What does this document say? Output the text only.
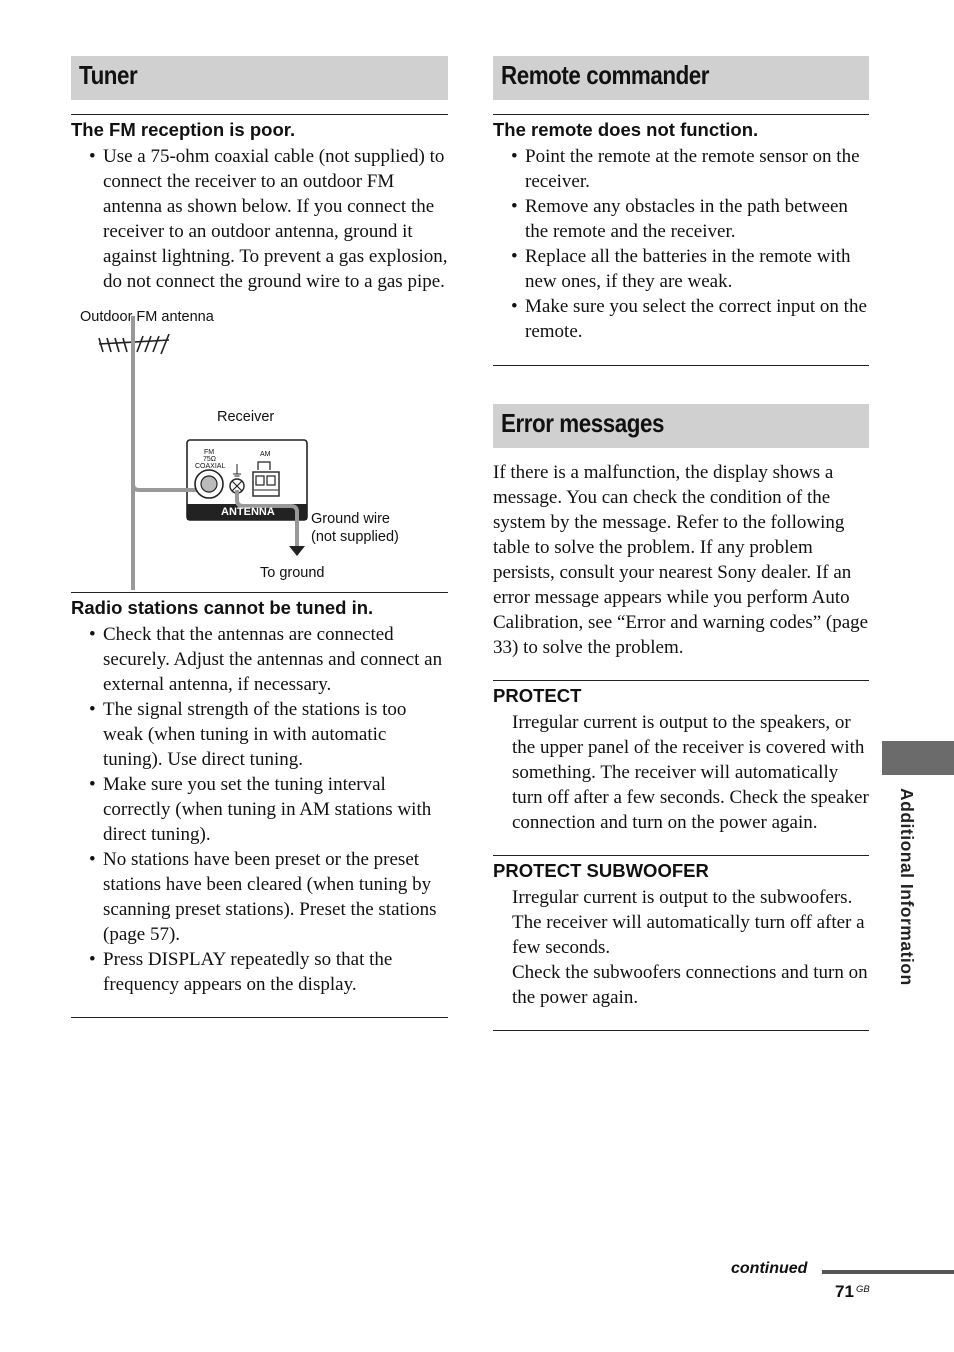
Tuner
The FM reception is poor.
• Use a 75-ohm coaxial cable (not supplied) to connect the receiver to an outdoor FM antenna as shown below. If you connect the receiver to an outdoor antenna, ground it against lightning. To prevent a gas explosion, do not connect the ground wire to a gas pipe.
Outdoor FM antenna
Receiver
FM
75Ω
COAXIAL
AM
ANTENNA Ground wire
(not supplied)
To ground
Radio stations cannot be tuned in.
• Check that the antennas are connected securely. Adjust the antennas and connect an external antenna, if necessary.
• The signal strength of the stations is too weak (when tuning in with automatic tuning). Use direct tuning.
• Make sure you set the tuning interval correctly (when tuning in AM stations with direct tuning).
• No stations have been preset or the preset stations have been cleared (when tuning by scanning preset stations). Preset the stations (page 57).
• Press DISPLAY repeatedly so that the frequency appears on the display.
Remote commander
The remote does not function.
• Point the remote at the remote sensor on the receiver.
• Remove any obstacles in the path between the remote and the receiver.
• Replace all the batteries in the remote with new ones, if they are weak.
• Make sure you select the correct input on the remote.
Error messages
If there is a malfunction, the display shows a message. You can check the condition of the system by the message. Refer to the following table to solve the problem. If any problem persists, consult your nearest Sony dealer. If an error message appears while you perform Auto Calibration, see “Error and warning codes” (page 33) to solve the problem.
PROTECT
Irregular current is output to the speakers, or the upper panel of the receiver is covered with something. The receiver will automatically turn off after a few seconds. Check the speaker connection and turn on the power again.
PROTECT SUBWOOFER
Irregular current is output to the subwoofers. The receiver will automatically turn off after a few seconds.
Check the subwoofers connections and turn on the power again.
Additional Information
continued
71 GB
